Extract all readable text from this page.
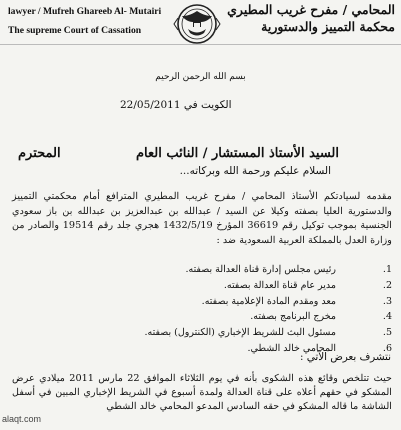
lawyer / Mufreh Ghareeb Al- Mutairi
The supreme Court of Cassation
المحامي / مفرح غريب المطيري
محكمة التمييز والدستورية
بسم الله الرحمن الرحيم
الكويت في 22/05/2011
السيد الأستاذ المستشار / النائب العام
المحترم
السلام عليكم ورحمة الله وبركاته...
مقدمه لسيادتكم الأستاذ المحامي / مفرح غريب المطيري المترافع أمام محكمتي التمييز والدستورية العليا بصفته وكيلا عن السيد / عبدالله بن عبدالعزيز بن عبدالله بن باز سعودي الجنسية بموجب توكيل رقم 36619 المؤرخ 1432/5/19 هجري جلد رقم 19514 والصادر من وزارة العدل بالمملكة العربية السعودية ضد :
1.
رئيس مجلس إدارة قناة العدالة بصفته.
2.
مدير عام قناة العدالة بصفته.
3.
معد ومقدم المادة الإعلامية بصفته.
4.
مخرج البرنامج بصفته.
5.
مسئول البث للشريط الإخباري (الكنترول) بصفته.
6.
المحامي خالد الشطي.
نتشرف بعرض الآتي :
حيث تتلخص وقائع هذه الشكوى بأنه في يوم الثلاثاء الموافق 22 مارس 2011 ميلادي عرض المشكو في حقهم أعلاه على قناة العدالة ولمدة أسبوع في الشريط الإخباري المبين في أسفل الشاشة ما قاله المشكو في حقه السادس المدعو المحامي خالد الشطي
alaqt.com
